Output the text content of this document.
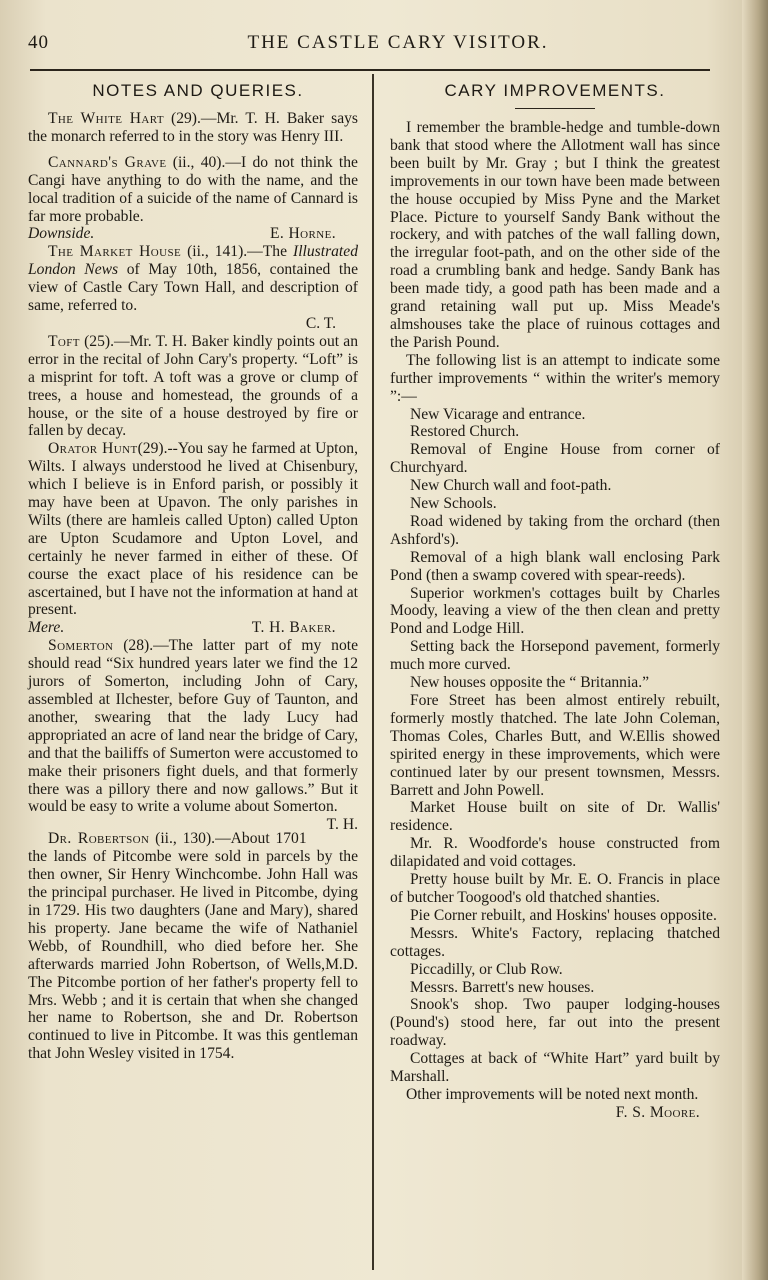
40	THE CASTLE CARY VISITOR.
NOTES AND QUERIES.

The White Hart (29).—Mr. T. H. Baker says the monarch referred to in the story was Henry III.

Cannard's Grave (ii., 40).—I do not think the Cangi have anything to do with the name, and the local tradition of a suicide of the name of Cannard is far more probable.

Downside.	E. Horne.

The Market House (ii., 141).—The Illustrated London News of May 10th, 1856, contained the view of Castle Cary Town Hall, and description of same, referred to.

C. T.

Toft (25).—Mr. T. H. Baker kindly points out an error in the recital of John Cary's property. “Loft” is a misprint for toft. A toft was a grove or clump of trees, a house and homestead, the grounds of a house, or the site of a house destroyed by fire or fallen by decay.

Orator Hunt(29).--You say he farmed at Upton, Wilts. I always understood he lived at Chisenbury, which I believe is in Enford parish, or possibly it may have been at Upavon. The only parishes in Wilts (there are hamleis called Upton) called Upton are Upton Scudamore and Upton Lovel, and certainly he never farmed in either of these. Of course the exact place of his residence can be ascertained, but I have not the information at hand at present.

Mere.	T. H. Baker.

Somerton (28).—The latter part of my note should read “Six hundred years later we find the 12 jurors of Somerton, including John of Cary, assembled at Ilchester, before Guy of Taunton, and another, swearing that the lady Lucy had appropriated an acre of land near the bridge of Cary, and that the bailiffs of Sumerton were accustomed to make their prisoners fight duels, and that formerly there was a pillory there and now gallows.” But it would be easy to write a volume about Somerton.
T. H.

Dr. Robertson (ii., 130).—About 1701 the lands of Pitcombe were sold in parcels by the then owner, Sir Henry Winchcombe. John Hall was the principal purchaser. He lived in Pitcombe, dying in 1729. His two daughters (Jane and Mary), shared his property. Jane became the wife of Nathaniel Webb, of Roundhill, who died before her. She afterwards married John Robertson, of Wells,M.D. The Pitcombe portion of her father's property fell to Mrs. Webb ; and it is certain that when she changed her name to Robertson, she and Dr. Robertson continued to live in Pitcombe. It was this gentleman that John Wesley visited in 1754.

CARY IMPROVEMENTS.

I remember the bramble-hedge and tumble-down bank that stood where the Allotment wall has since been built by Mr. Gray ; but I think the greatest improvements in our town have been made between the house occupied by Miss Pyne and the Market Place. Picture to yourself Sandy Bank without the rockery, and with patches of the wall falling down, the irregular foot-path, and on the other side of the road a crumbling bank and hedge. Sandy Bank has been made tidy, a good path has been made and a grand retaining wall put up. Miss Meade's almshouses take the place of ruinous cottages and the Parish Pound.

The following list is an attempt to indicate some further improvements “ within the writer's memory ”:—

New Vicarage and entrance.

Restored Church.

Removal of Engine House from corner of Churchyard.

New Church wall and foot-path.

New Schools.

Road widened by taking from the orchard (then Ashford's).

Removal of a high blank wall enclosing Park Pond (then a swamp covered with spear-reeds).

Superior workmen's cottages built by Charles Moody, leaving a view of the then clean and pretty Pond and Lodge Hill.

Setting back the Horsepond pavement, formerly much more curved.

New houses opposite the “ Britannia.”

Fore Street has been almost entirely rebuilt, formerly mostly thatched. The late John Coleman, Thomas Coles, Charles Butt, and W.Ellis showed spirited energy in these improvements, which were continued later by our present townsmen, Messrs. Barrett and John Powell.

Market House built on site of Dr. Wallis' residence.

Mr. R. Woodforde's house constructed from dilapidated and void cottages.

Pretty house built by Mr. E. O. Francis in place of butcher Toogood's old thatched shanties.

Pie Corner rebuilt, and Hoskins' houses opposite.

Messrs. White's Factory, replacing thatched cottages.

Piccadilly, or Club Row.

Messrs. Barrett's new houses.

Snook's shop. Two pauper lodging-houses (Pound's) stood here, far out into the present roadway.

Cottages at back of “White Hart” yard built by Marshall.

Other improvements will be noted next month.
F. S. Moore.
